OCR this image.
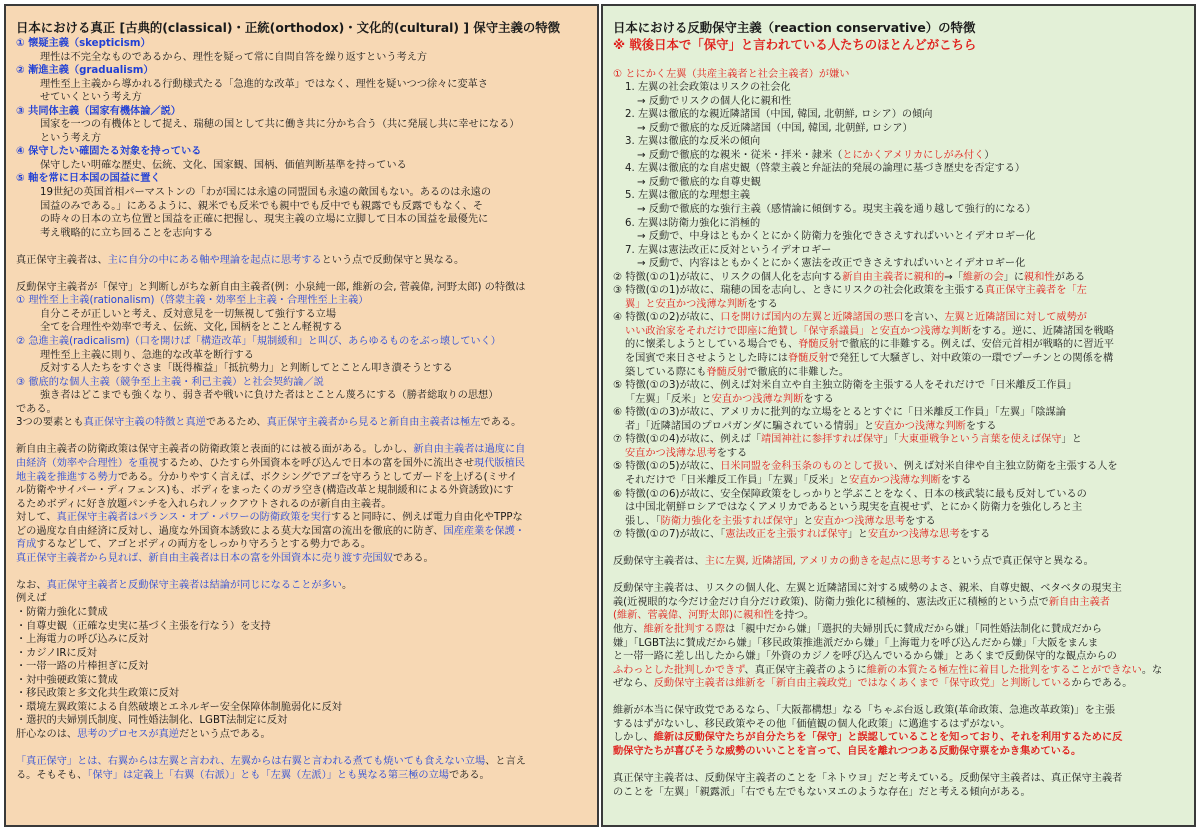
日本における真正 [古典的(classical)・正統(orthodox)・文化的(cultural) ] 保守主義の特徴
① 懐疑主義（skepticism）
理性は不完全なものであるから、理性を疑って常に自問自答を繰り返すという考え方
② 漸進主義（gradualism）
理性至上主義から導かれる行動様式たる「急進的な改革」ではなく、理性を疑いつつ徐々に変革さ
せていくという考え方
③ 共同体主義（国家有機体論／説）
国家を一つの有機体として捉え、瑞穂の国として共に働き共に分かち合う（共に発展し共に幸せになる）
という考え方
④ 保守したい確固たる対象を持っている
保守したい明確な歴史、伝統、文化、国家観、国柄、価値判断基準を持っている
⑤ 軸を常に日本国の国益に置く
19世紀の英国首相パーマストンの「わが国には永遠の同盟国も永遠の敵国もない。あるのは永遠の
国益のみである。」にあるように、親米でも反米でも親中でも反中でも親露でも反露でもなく、そ
の時々の日本の立ち位置と国益を正確に把握し、現実主義の立場に立脚して日本の国益を最優先に
考え戦略的に立ち回ることを志向する
真正保守主義者は、主に自分の中にある軸や理論を起点に思考するという点で反動保守と異なる。
反動保守主義者が「保守」と判断しがちな新自由主義者(例：小泉純一郎, 維新の会, 菅義偉, 河野太郎) の特徴は
① 理性至上主義(rationalism)（啓蒙主義・効率至上主義・合理性至上主義）
自分こそが正しいと考え、反対意見を一切無視して強行する立場
全てを合理性や効率で考え、伝統、文化, 国柄をとことん軽視する
② 急進主義(radicalism)（口を開けば「構造改革」「規制緩和」と叫び、あらゆるものをぶっ壊していく）
理性至上主義に則り、急進的な改革を断行する
反対する人たちをすぐさま「既得権益」「抵抗勢力」と判断してとことん叩き潰そうとする
③ 徹底的な個人主義（競争至上主義・利己主義）と社会契約論／説
強き者はどこまでも強くなり、弱き者や戦いに負けた者はとことん蔑ろにする（勝者総取りの思想）
である。
3つの要素とも真正保守主義の特徴と真逆であるため、真正保守主義者から見ると新自由主義者は極左である。
新自由主義者の防衛政策は保守主義者の防衛政策と表面的には被る面がある。しかし、新自由主義者は過度に自
由経済（効率や合理性）を重視するため、ひたすら外国資本を呼び込んで日本の富を国外に流出させ現代版植民
地主義を推進する勢力である。分かりやすく言えば、ボクシングでアゴを守ろうとしてガードを上げる(ミサイ
ル防衛やサイバー・ディフェンス)も、ボディをまったくのガラ空き(構造改革と規制緩和による外資誘致)にす
るためボディに好き放題パンチを入れられノックアウトされるのが新自由主義者。
対して、真正保守主義者はバランス・オブ・パワーの防衛政策を実行すると同時に、例えば電力自由化やTPPな
どの過度な自由経済に反対し、過度な外国資本誘致による莫大な国富の流出を徹底的に防ぎ、国産産業を保護・
育成するなどして、アゴとボディの両方をしっかり守ろうとする勢力である。
真正保守主義者から見れば、新自由主義者は日本の富を外国資本に売り渡す売国奴である。
なお、真正保守主義者と反動保守主義者は結論が同じになることが多い。
例えば
・防衛力強化に賛成
・自尊史観（正確な史実に基づく主張を行なう）を支持
・上海電力の呼び込みに反対
・カジノIRに反対
・一帯一路の片棒担ぎに反対
・対中強硬政策に賛成
・移民政策と多文化共生政策に反対
・環境左翼政策による自然破壊とエネルギー安全保障体制脆弱化に反対
・選択的夫婦別氏制度、同性婚法制化、LGBT法制定に反対
肝心なのは、思考のプロセスが真逆だという点である。
「真正保守」とは、右翼からは左翼と言われ、左翼からは右翼と言われる煮ても焼いても食えない立場、と言え
る。そもそも、「保守」は定義上「右翼（右派）」とも「左翼（左派）」とも異なる第三極の立場である。
日本における反動保守主義（reaction conservative）の特徴
※ 戦後日本で「保守」と言われている人たちのほとんどがこちら
① とにかく左翼（共産主義者と社会主義者）が嫌い
1. 左翼の社会政策はリスクの社会化
→ 反動でリスクの個人化に親和性
2. 左翼は徹底的な親近隣諸国（中国, 韓国, 北朝鮮, ロシア）の傾向
→ 反動で徹底的な反近隣諸国（中国, 韓国, 北朝鮮, ロシア）
3. 左翼は徹底的な反米の傾向
→ 反動で徹底的な親米・従米・拝米・隷米（とにかくアメリカにしがみ付く）
4. 左翼は徹底的な自虐史観（啓蒙主義と弁証法的発展の論理に基づき歴史を否定する）
→ 反動で徹底的な自尊史観
5. 左翼は徹底的な理想主義
→ 反動で徹底的な強行主義（感情論に傾倒する。現実主義を通り越して強行的になる）
6. 左翼は防衛力強化に消極的
→ 反動で、中身はともかくとにかく防衛力を強化できさえすればいいとイデオロギー化
7. 左翼は憲法改正に反対というイデオロギー
→ 反動で、内容はともかくとにかく憲法を改正できさえすればいいとイデオロギー化
② 特徴(①の1)が故に、リスクの個人化を志向する新自由主義者に親和的→「維新の会」に親和性がある
③ 特徴(①の1)が故に、瑞穂の国を志向し、ときにリスクの社会化政策を主張する真正保守主義者を「左
翼」と安直かつ浅薄な判断をする
④ 特徴(①の2)が故に、口を開けば国内の左翼と近隣諸国の悪口を言い、左翼と近隣諸国に対して威勢が
いい政治家をそれだけで即座に絶賛し「保守系議員」と安直かつ浅薄な判断をする。逆に、近隣諸国を戦略
的に懐柔しようとしている場合でも、脊髄反射で徹底的に非難する。例えば、安倍元首相が戦略的に習近平
を国賓で来日させようとした時には脊髄反射で発狂して大騒ぎし、対中政策の一環でプーチンとの関係を構
築している際にも脊髄反射で徹底的に非難した。
⑤ 特徴(①の3)が故に、例えば対米自立や自主独立防衛を主張する人をそれだけで「日米離反工作員」
「左翼」「反米」と安直かつ浅薄な判断をする
⑥ 特徴(①の3)が故に、アメリカに批判的な立場をとるとすぐに「日米離反工作員」「左翼」「陰謀論
者」「近隣諸国のプロパガンダに騙されている情弱」と安直かつ浅薄な判断をする
⑦ 特徴(①の4)が故に、例えば「靖国神社に参拝すれば保守」「大東亜戦争という言葉を使えば保守」と
安直かつ浅薄な思考をする
⑤ 特徴(①の5)が故に、日米同盟を金科玉条のものとして扱い、例えば対米自律や自主独立防衛を主張する人を
それだけで「日米離反工作員」「左翼」「反米」と安直かつ浅薄な判断をする
⑥ 特徴(①の6)が故に、安全保障政策をしっかりと学ぶことをなく、日本の核武装に最も反対しているの
は中国北朝鮮ロシアではなくアメリカであるという現実を直視せず、とにかく防衛力を強化しろと主
張し、「防衛力強化を主張すれば保守」と安直かつ浅薄な思考をする
⑦ 特徴(①の7)が故に、「憲法改正を主張すれば保守」と安直かつ浅薄な思考をする
反動保守主義者は、主に左翼, 近隣諸国, アメリカの動きを起点に思考するという点で真正保守と異なる。
反動保守主義者は、リスクの個人化、左翼と近隣諸国に対する威勢のよさ、親米、自尊史観、ベタベタの現実主
義(近視眼的な今だけ金だけ自分だけ政策)、防衛力強化に積極的、憲法改正に積極的という点で新自由主義者
(維新、菅義偉、河野太郎)に親和性を持つ。
他方、維新を批判する際は「親中だから嫌」「選択的夫婦別氏に賛成だから嫌」「同性婚法制化に賛成だから
嫌」「LGBT法に賛成だから嫌」「移民政策推進派だから嫌」「上海電力を呼び込んだから嫌」「大阪をまんま
と一帯一路に差し出したから嫌」「外資のカジノを呼び込んでいるから嫌」とあくまで反動保守的な観点からの
ふわっとした批判しかできず、真正保守主義者のように維新の本質たる極左性に着目した批判をすることができない。な
ぜなら、反動保守主義者は維新を「新自由主義政党」ではなくあくまで「保守政党」と判断しているからである。
維新が本当に保守政党であるなら、「大阪都構想」なる「ちゃぶ台返し政策(革命政策、急進改革政策)」を主張
するはずがないし、移民政策やその他「価値観の個人化政策」に邁進するはずがない。
しかし、維新は反動保守たちが自分たちを「保守」と誤認していることを知っており、それを利用するために反
動保守たちが喜びそうな威勢のいいことを言って、自民を離れつつある反動保守票をかき集めている。
真正保守主義者は、反動保守主義者のことを「ネトウヨ」だと考えている。反動保守主義者は、真正保守主義者
のことを「左翼」「親露派」「右でも左でもないヌエのような存在」だと考える傾向がある。
